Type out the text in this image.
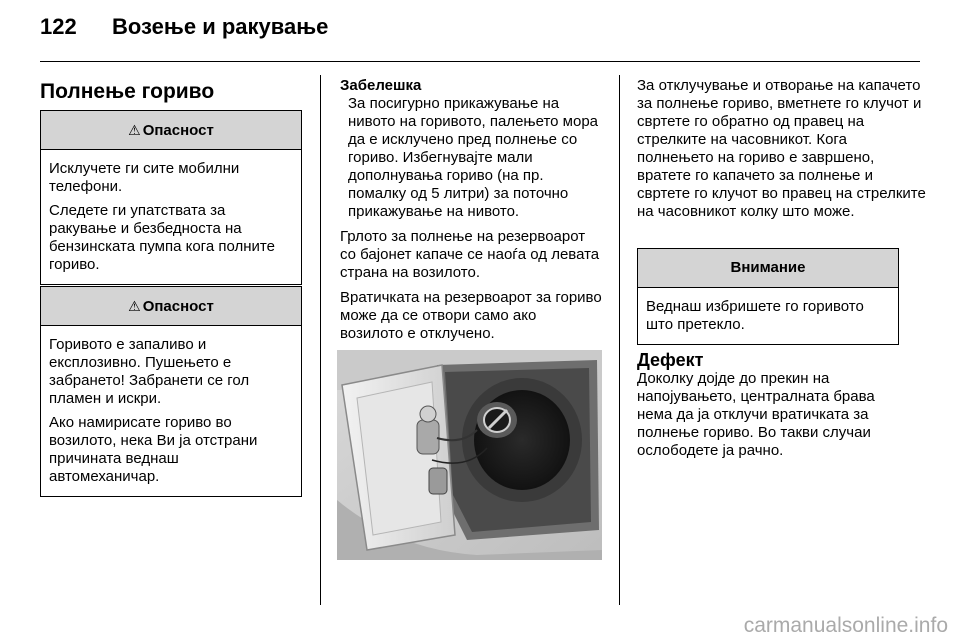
122 Возење и ракување
Полнење гориво
⚠ Опасност

Исклучете ги сите мобилни телефони.

Следете ги упатствата за ракување и безбедноста на бензинската пумпа кога полните гориво.

⚠ Опасност

Горивото е запаливо и експлозивно. Пушењето е забрането! Забранети се гол пламен и искри.

Ако намирисате гориво во возилото, нека Ви ја отстрани причината веднаш автомеханичар.

Забелешка

За посигурно прикажување на нивото на горивото, палењето мора да е исклучено пред полнење со гориво. Избегнувајте мали дополнувања гориво (на пр. помалку од 5 литри) за поточно прикажување на нивото.

Грлото за полнење на резервоарот со бајонет капаче се наоѓа од левата страна на возилото.

Вратичката на резервоарот за гориво може да се отвори само ако возилото е отклучено.

За отклучување и отворање на капачето за полнење гориво, вметнете го клучот и свртете го обратно од правец на стрелките на часовникот. Кога полнењето на гориво е завршено, вратете го капачето за полнење и свртете го клучот во правец на стрелките на часовникот колку што може.

Внимание

Веднаш избришете го горивото што претекло.

Дефект

Доколку дојде до прекин на напојувањето, централната брава нема да ја отклучи вратичката за полнење гориво. Во такви случаи ослободете ја рачно.

carmanualsonline.info
